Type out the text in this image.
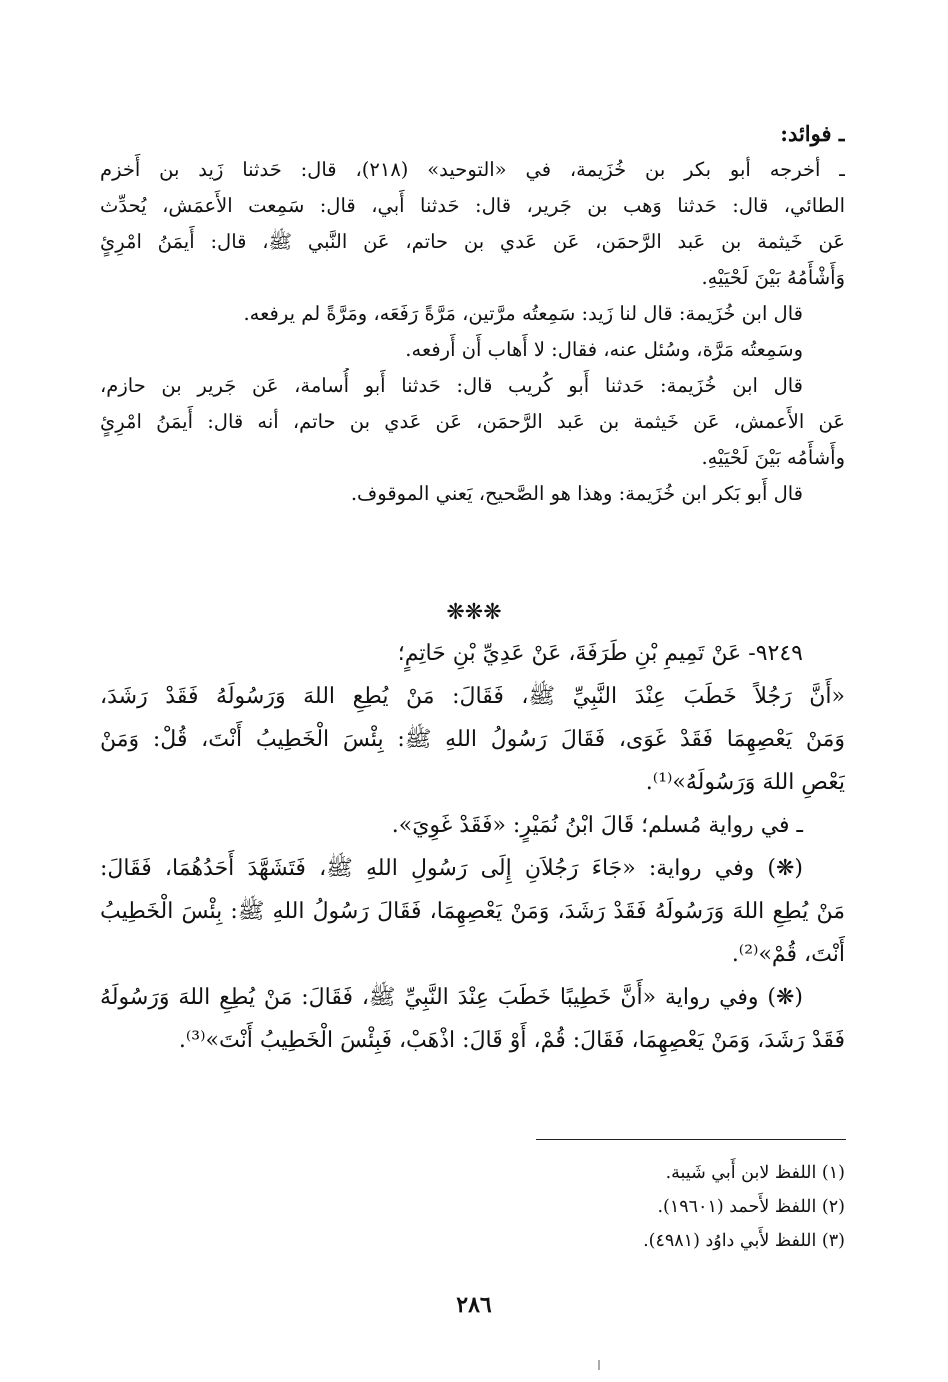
ـ فوائد:
ـ أخرجه أبو بكر بن خُزَيمة، في «التوحيد» (٢١٨)، قال: حَدثنا زَيد بن أَخزم
الطائي، قال: حَدثنا وَهب بن جَرير، قال: حَدثنا أَبي، قال: سَمِعت الأَعمَش، يُحدِّث
عَن خَيثمة بن عَبد الرَّحمَن، عَن عَدي بن حاتم، عَن النَّبي ﷺ، قال: أَيمَنُ امْرِئٍ
وَأَشْأَمُهُ بَيْنَ لَحْيَيْهِ.
قال ابن خُزَيمة: قال لنا زَيد: سَمِعتُه مرَّتين، مَرَّةً رَفَعَه، ومَرَّةً لم يرفعه.
وسَمِعتُه مَرَّة، وسُئل عنه، فقال: لا أَهاب أَن أَرفعه.
قال ابن خُزَيمة: حَدثنا أَبو كُريب قال: حَدثنا أَبو أُسامة، عَن جَرير بن حازم،
عَن الأَعمش، عَن خَيثمة بن عَبد الرَّحمَن، عَن عَدي بن حاتم، أنه قال: أَيمَنُ امْرِئٍ
وأَشأَمُه بَيْنَ لَحْيَيْهِ.
قال أَبو بَكر ابن خُزَيمة: وهذا هو الصَّحيح، يَعني الموقوف.
❋❋❋
٩٢٤٩- عَنْ تَمِيمِ بْنِ طَرَفَةَ، عَنْ عَدِيِّ بْنِ حَاتِمٍ؛
«أَنَّ رَجُلاً خَطَبَ عِنْدَ النَّبِيِّ ﷺ، فَقَالَ: مَنْ يُطِعِ اللهَ وَرَسُولَهُ فَقَدْ رَشَدَ،
وَمَنْ يَعْصِهِمَا فَقَدْ غَوَى، فَقَالَ رَسُولُ اللهِ ﷺ: بِئْسَ الْخَطِيبُ أَنْتَ، قُلْ: وَمَنْ
يَعْصِ اللهَ وَرَسُولَهُ»⁽¹⁾.
ـ في رواية مُسلم؛ قَالَ ابْنُ نُمَيْرٍ: «فَقَدْ غَوِيَ».
(❋) وفي رواية: «جَاءَ رَجُلاَنِ إِلَى رَسُولِ اللهِ ﷺ، فَتَشَهَّدَ أَحَدُهُمَا، فَقَالَ:
مَنْ يُطِعِ اللهَ وَرَسُولَهُ فَقَدْ رَشَدَ، وَمَنْ يَعْصِهِمَا، فَقَالَ رَسُولُ اللهِ ﷺ: بِئْسَ الْخَطِيبُ
أَنْتَ، قُمْ»⁽²⁾.
(❋) وفي رواية «أَنَّ خَطِيبًا خَطَبَ عِنْدَ النَّبِيِّ ﷺ، فَقَالَ: مَنْ يُطِعِ اللهَ وَرَسُولَهُ
فَقَدْ رَشَدَ، وَمَنْ يَعْصِهِمَا، فَقَالَ: قُمْ، أَوْ قَالَ: اذْهَبْ، فَبِئْسَ الْخَطِيبُ أَنْتَ»⁽³⁾.
(١) اللفظ لابن أَبي شَيبة.
(٢) اللفظ لأَحمد (١٩٦٠١).
(٣) اللفظ لأَبي داوُد (٤٩٨١).
٢٨٦
